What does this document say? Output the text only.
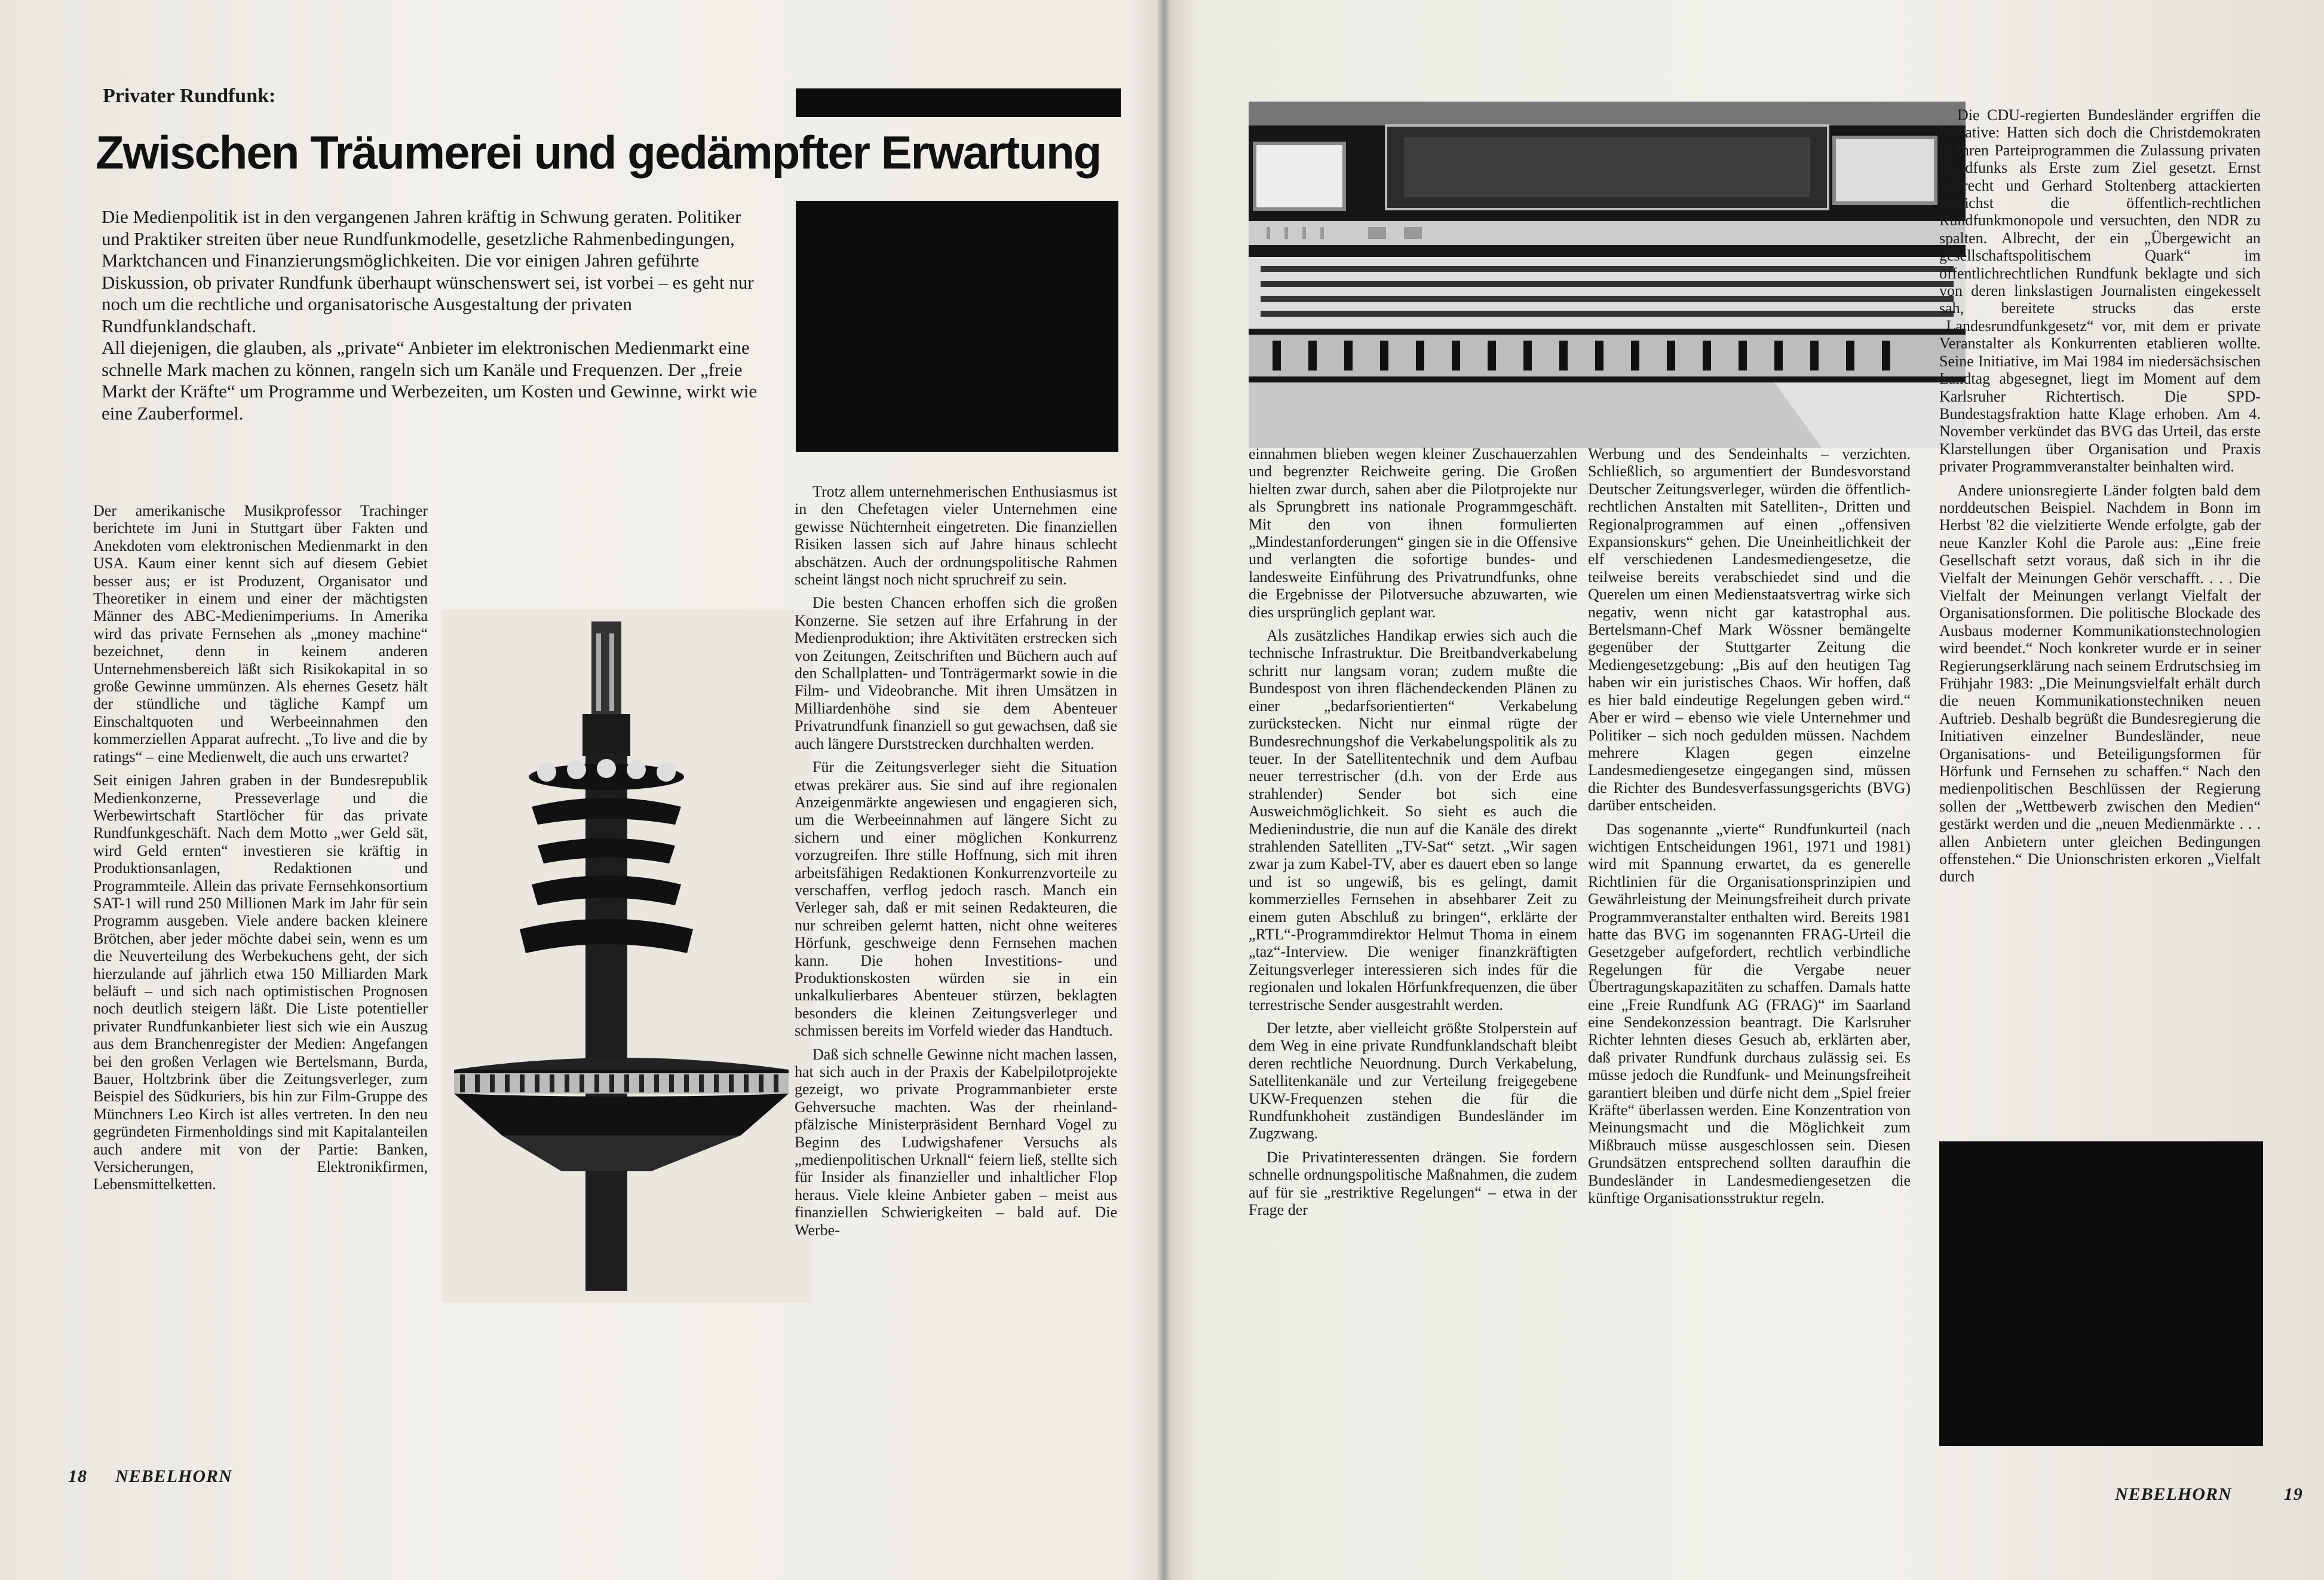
Privater Rundfunk:
Zwischen Träumerei und gedämpfter Erwartung

Die Medienpolitik ist in den vergangenen Jahren kräftig in Schwung geraten. Politiker und Praktiker streiten über neue Rundfunkmodelle, gesetzliche Rahmenbedingungen, Marktchancen und Finanzierungsmöglichkeiten. Die vor einigen Jahren geführte Diskussion, ob privater Rundfunk überhaupt wünschenswert sei, ist vorbei – es geht nur noch um die rechtliche und organisatorische Ausgestaltung der privaten Rundfunklandschaft.

All diejenigen, die glauben, als „private“ Anbieter im elektronischen Medienmarkt eine schnelle Mark machen zu können, rangeln sich um Kanäle und Frequenzen. Der „freie Markt der Kräfte“ um Programme und Werbezeiten, um Kosten und Gewinne, wirkt wie eine Zauberformel.

Der amerikanische Musikprofessor Trachinger berichtete im Juni in Stuttgart über Fakten und Anekdoten vom elektronischen Medienmarkt in den USA. Kaum einer kennt sich auf diesem Gebiet besser aus; er ist Produzent, Organisator und Theoretiker in einem und einer der mächtigsten Männer des ABC-Medienimperiums. In Amerika wird das private Fernsehen als „money machine“ bezeichnet, denn in keinem anderen Unternehmensbereich läßt sich Risikokapital in so große Gewinne ummünzen. Als ehernes Gesetz hält der stündliche und tägliche Kampf um Einschaltquoten und Werbeeinnahmen den kommerziellen Apparat aufrecht. „To live and die by ratings“ – eine Medienwelt, die auch uns erwartet?

Seit einigen Jahren graben in der Bundesrepublik Medienkonzerne, Presseverlage und die Werbewirtschaft Startlöcher für das private Rundfunkgeschäft. Nach dem Motto „wer Geld sät, wird Geld ernten“ investieren sie kräftig in Produktionsanlagen, Redaktionen und Programmteile. Allein das private Fernsehkonsortium SAT-1 will rund 250 Millionen Mark im Jahr für sein Programm ausgeben. Viele andere backen kleinere Brötchen, aber jeder möchte dabei sein, wenn es um die Neuverteilung des Werbekuchens geht, der sich hierzulande auf jährlich etwa 150 Milliarden Mark beläuft – und sich nach optimistischen Prognosen noch deutlich steigern läßt. Die Liste potentieller privater Rundfunkanbieter liest sich wie ein Auszug aus dem Branchenregister der Medien: Angefangen bei den großen Verlagen wie Bertelsmann, Burda, Bauer, Holtzbrink über die Zeitungsverleger, zum Beispiel des Südkuriers, bis hin zur Film-Gruppe des Münchners Leo Kirch ist alles vertreten. In den neu gegründeten Firmenholdings sind mit Kapitalanteilen auch andere mit von der Partie: Banken, Versicherungen, Elektronikfirmen, Lebensmittelketten.

Trotz allem unternehmerischen Enthusiasmus ist in den Chefetagen vieler Unternehmen eine gewisse Nüchternheit eingetreten. Die finanziellen Risiken lassen sich auf Jahre hinaus schlecht abschätzen. Auch der ordnungspolitische Rahmen scheint längst noch nicht spruchreif zu sein.

Die besten Chancen erhoffen sich die großen Konzerne. Sie setzen auf ihre Erfahrung in der Medienproduktion; ihre Aktivitäten erstrecken sich von Zeitungen, Zeitschriften und Büchern auch auf den Schallplatten- und Tonträgermarkt sowie in die Film- und Videobranche. Mit ihren Umsätzen in Milliardenhöhe sind sie dem Abenteuer Privatrundfunk finanziell so gut gewachsen, daß sie auch längere Durststrecken durchhalten werden.

Für die Zeitungsverleger sieht die Situation etwas prekärer aus. Sie sind auf ihre regionalen Anzeigenmärkte angewiesen und engagieren sich, um die Werbeeinnahmen auf längere Sicht zu sichern und einer möglichen Konkurrenz vorzugreifen. Ihre stille Hoffnung, sich mit ihren arbeitsfähigen Redaktionen Konkurrenzvorteile zu verschaffen, verflog jedoch rasch. Manch ein Verleger sah, daß er mit seinen Redakteuren, die nur schreiben gelernt hatten, nicht ohne weiteres Hörfunk, geschweige denn Fernsehen machen kann. Die hohen Investitions- und Produktionskosten würden sie in ein unkalkulierbares Abenteuer stürzen, beklagten besonders die kleinen Zeitungsverleger und schmissen bereits im Vorfeld wieder das Handtuch.

Daß sich schnelle Gewinne nicht machen lassen, hat sich auch in der Praxis der Kabelpilotprojekte gezeigt, wo private Programmanbieter erste Gehversuche machten. Was der rheinland-pfälzische Ministerpräsident Bernhard Vogel zu Beginn des Ludwigshafener Versuchs als „medienpolitischen Urknall“ feiern ließ, stellte sich für Insider als finanzieller und inhaltlicher Flop heraus. Viele kleine Anbieter gaben – meist aus finanziellen Schwierigkeiten – bald auf. Die Werbe-

18 NEBELHORN

einnahmen blieben wegen kleiner Zuschauerzahlen und begrenzter Reichweite gering. Die Großen hielten zwar durch, sahen aber die Pilotprojekte nur als Sprungbrett ins nationale Programmgeschäft. Mit den von ihnen formulierten „Mindestanforderungen“ gingen sie in die Offensive und verlangten die sofortige bundes- und landesweite Einführung des Privatrundfunks, ohne die Ergebnisse der Pilotversuche abzuwarten, wie dies ursprünglich geplant war.

Als zusätzliches Handikap erwies sich auch die technische Infrastruktur. Die Breitbandverkabelung schritt nur langsam voran; zudem mußte die Bundespost von ihren flächendeckenden Plänen zu einer „bedarfsorientierten“ Verkabelung zurückstecken. Nicht nur einmal rügte der Bundesrechnungshof die Verkabelungspolitik als zu teuer. In der Satellitentechnik und dem Aufbau neuer terrestrischer (d.h. von der Erde aus strahlender) Sender bot sich eine Ausweichmöglichkeit. So sieht es auch die Medienindustrie, die nun auf die Kanäle des direkt strahlenden Satelliten „TV-Sat“ setzt. „Wir sagen zwar ja zum Kabel-TV, aber es dauert eben so lange und ist so ungewiß, bis es gelingt, damit kommerzielles Fernsehen in absehbarer Zeit zu einem guten Abschluß zu bringen“, erklärte der „RTL“-Programmdirektor Helmut Thoma in einem „taz“-Interview. Die weniger finanzkräftigten Zeitungsverleger interessieren sich indes für die regionalen und lokalen Hörfunkfrequenzen, die über terrestrische Sender ausgestrahlt werden.

Der letzte, aber vielleicht größte Stolperstein auf dem Weg in eine private Rundfunklandschaft bleibt deren rechtliche Neuordnung. Durch Verkabelung, Satellitenkanäle und zur Verteilung freigegebene UKW-Frequenzen stehen die für die Rundfunkhoheit zuständigen Bundesländer im Zugzwang.

Die Privatinteressenten drängen. Sie fordern schnelle ordnungspolitische Maßnahmen, die zudem auf für sie „restriktive Regelungen“ – etwa in der Frage der

Werbung und des Sendeinhalts – verzichten. Schließlich, so argumentiert der Bundesvorstand Deutscher Zeitungsverleger, würden die öffentlich-rechtlichen Anstalten mit Satelliten-, Dritten und Regionalprogrammen auf einen „offensiven Expansionskurs“ gehen. Die Uneinheitlichkeit der elf verschiedenen Landesmediengesetze, die teilweise bereits verabschiedet sind und die Querelen um einen Medienstaatsvertrag wirke sich negativ, wenn nicht gar katastrophal aus. Bertelsmann-Chef Mark Wössner bemängelte gegenüber der Stuttgarter Zeitung die Mediengesetzgebung: „Bis auf den heutigen Tag haben wir ein juristisches Chaos. Wir hoffen, daß es hier bald eindeutige Regelungen geben wird.“ Aber er wird – ebenso wie viele Unternehmer und Politiker – sich noch gedulden müssen. Nachdem mehrere Klagen gegen einzelne Landesmediengesetze eingegangen sind, müssen die Richter des Bundesverfassungsgerichts (BVG) darüber entscheiden.

Das sogenannte „vierte“ Rundfunkurteil (nach wichtigen Entscheidungen 1961, 1971 und 1981) wird mit Spannung erwartet, da es generelle Richtlinien für die Organisationsprinzipien und Gewährleistung der Meinungsfreiheit durch private Programmveranstalter enthalten wird. Bereits 1981 hatte das BVG im sogenannten FRAG-Urteil die Gesetzgeber aufgefordert, rechtlich verbindliche Regelungen für die Vergabe neuer Übertragungskapazitäten zu schaffen. Damals hatte eine „Freie Rundfunk AG (FRAG)“ im Saarland eine Sendekonzession beantragt. Die Karlsruher Richter lehnten dieses Gesuch ab, erklärten aber, daß privater Rundfunk durchaus zulässig sei. Es müsse jedoch die Rundfunk- und Meinungsfreiheit garantiert bleiben und dürfe nicht dem „Spiel freier Kräfte“ überlassen werden. Eine Konzentration von Meinungsmacht und die Möglichkeit zum Mißbrauch müsse ausgeschlossen sein. Diesen Grundsätzen entsprechend sollten daraufhin die Bundesländer in Landesmediengesetzen die künftige Organisationsstruktur regeln.

Die CDU-regierten Bundesländer ergriffen die Initiative: Hatten sich doch die Christdemokraten in ihren Parteiprogrammen die Zulassung privaten Rundfunks als Erste zum Ziel gesetzt. Ernst Albrecht und Gerhard Stoltenberg attackierten zunächst die öffentlich-rechtlichen Rundfunkmonopole und versuchten, den NDR zu spalten. Albrecht, der ein „Übergewicht an gesellschaftspolitischem Quark“ im öffentlichrechtlichen Rundfunk beklagte und sich von deren linkslastigen Journalisten eingekesselt sah, bereitete strucks das erste „Landesrundfunkgesetz“ vor, mit dem er private Veranstalter als Konkurrenten etablieren wollte. Seine Initiative, im Mai 1984 im niedersächsischen Landtag abgesegnet, liegt im Moment auf dem Karlsruher Richtertisch. Die SPD-Bundestagsfraktion hatte Klage erhoben. Am 4. November verkündet das BVG das Urteil, das erste Klarstellungen über Organisation und Praxis privater Programmveranstalter beinhalten wird.

Andere unionsregierte Länder folgten bald dem norddeutschen Beispiel. Nachdem in Bonn im Herbst '82 die vielzitierte Wende erfolgte, gab der neue Kanzler Kohl die Parole aus: „Eine freie Gesellschaft setzt voraus, daß sich in ihr die Vielfalt der Meinungen Gehör verschafft. . . . Die Vielfalt der Meinungen verlangt Vielfalt der Organisationsformen. Die politische Blockade des Ausbaus moderner Kommunikationstechnologien wird beendet.“ Noch konkreter wurde er in seiner Regierungserklärung nach seinem Erdrutschsieg im Frühjahr 1983: „Die Meinungsvielfalt erhält durch die neuen Kommunikationstechniken neuen Auftrieb. Deshalb begrüßt die Bundesregierung die Initiativen einzelner Bundesländer, neue Organisations- und Beteiligungsformen für Hörfunk und Fernsehen zu schaffen.“ Nach den medienpolitischen Beschlüssen der Regierung sollen der „Wettbewerb zwischen den Medien“ gestärkt werden und die „neuen Medienmärkte . . . allen Anbietern unter gleichen Bedingungen offenstehen.“ Die Unionschristen erkoren „Vielfalt durch

NEBELHORN	19
